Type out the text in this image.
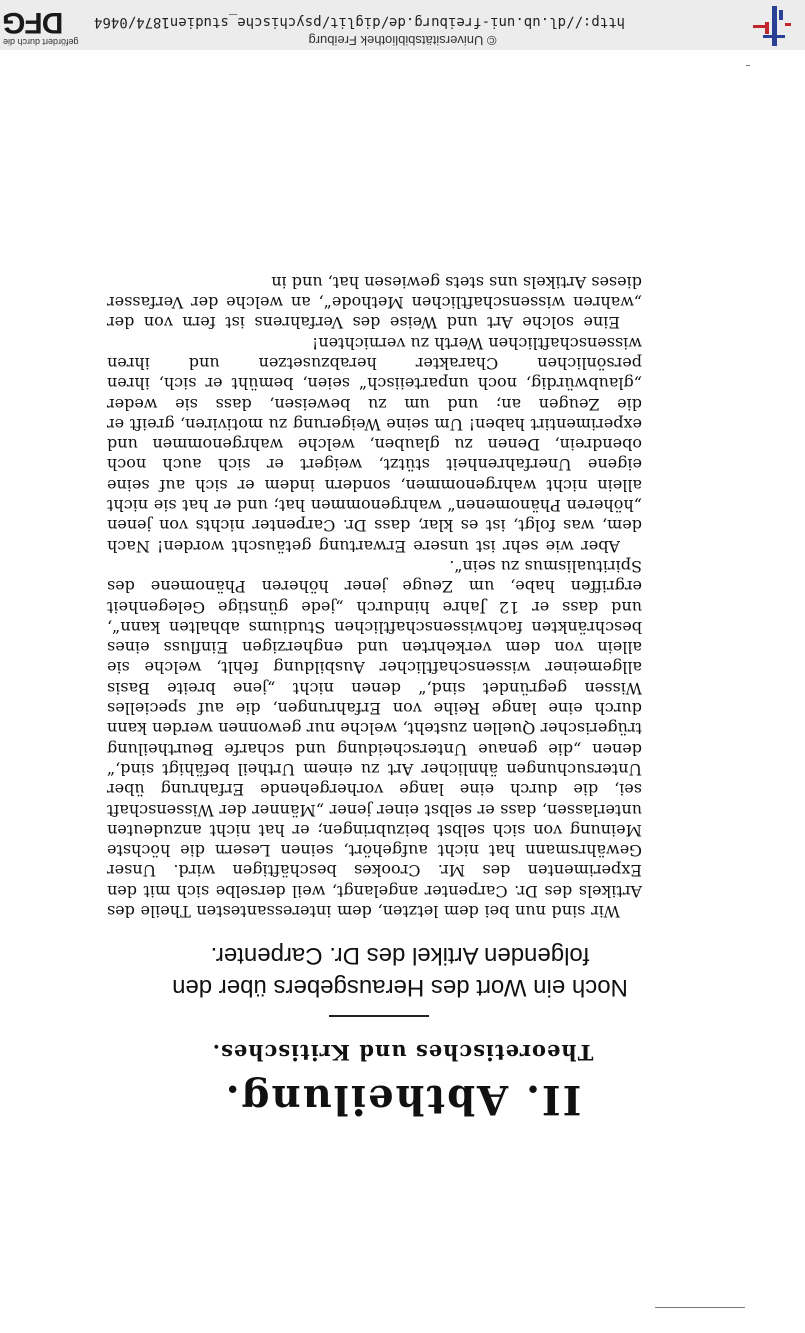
II. Abtheilung.
Theoretisches und Kritisches.
Noch ein Wort des Herausgebers über den folgenden Artikel des Dr. Carpenter.

Wir sind nun bei dem letzten, dem interessantesten Theile des Artikels des Dr. Carpenter angelangt, weil derselbe sich mit den Experimenten des Mr. Crookes beschäftigen wird. Unser Gewährsmann hat nicht aufgehört, seinen Lesern die höchste Meinung von sich selbst beizubringen; er hat nicht anzudeuten unterlassen, dass er selbst einer jener „Männer der Wissenschaft sei, die durch eine lange vorhergehende Erfahrung über Untersuchungen ähnlicher Art zu einem Urtheil befähigt sind,“ denen „die genaue Unterscheidung und scharfe Beurtheilung trügerischer Quellen zusteht, welche nur gewonnen werden kann durch eine lange Reihe von Erfahrungen, die auf specielles Wissen gegründet sind,“ denen nicht „jene breite Basis allgemeiner wissenschaftlicher Ausbildung fehlt, welche sie allein von dem verkehrten und engherzigen Einfluss eines beschränkten fachwissenschaftlichen Studiums abhalten kann“, und dass er 12 Jahre hindurch „jede günstige Gelegenheit ergriffen habe, um Zeuge jener höheren Phänomene des Spiritualismus zu sein“.

Aber wie sehr ist unsere Erwartung getäuscht worden! Nach dem, was folgt, ist es klar, dass Dr. Carpenter nichts von jenen „höheren Phänomenen“ wahrgenommen hat; und er hat sie nicht allein nicht wahrgenommen, sondern indem er sich auf seine eigene Unerfahrenheit stützt, weigert er sich auch noch obendrein, Denen zu glauben, welche wahrgenommen und experimentirt haben! Um seine Weigerung zu motiviren, greift er die Zeugen an; und um zu beweisen, dass sie weder „glaubwürdig, noch unparteiisch“ seien, bemüht er sich, ihren persönlichen Charakter herabzusetzen und ihren wissenschaftlichen Werth zu vernichten!

Eine solche Art und Weise des Verfahrens ist fern von der „wahren wissenschaftlichen Methode“, an welche der Verfasser dieses Artikels uns stets gewiesen hat, und in

© Universitätsbibliothek Freiburg
http://dl.ub.uni-freiburg.de/diglit/psychische_studien1874/0464
gefördert durch die
DFG
